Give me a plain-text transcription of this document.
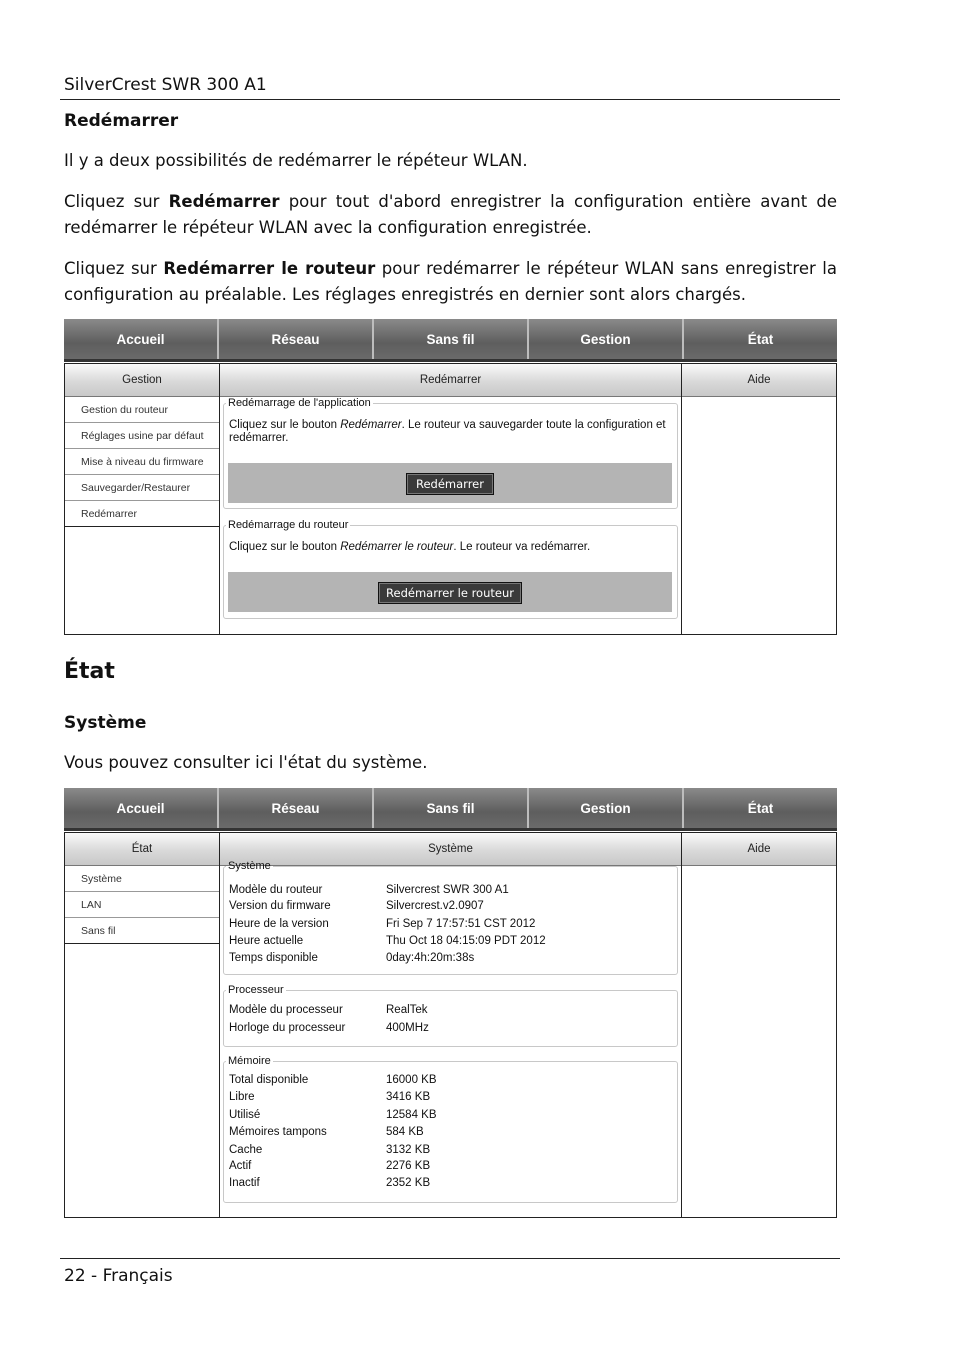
SilverCrest SWR 300 A1
Redémarrer
Il y a deux possibilités de redémarrer le répéteur WLAN.
Cliquez sur Redémarrer pour tout d'abord enregistrer la configuration entière avant de redémarrer le répéteur WLAN avec la configuration enregistrée.
Cliquez sur Redémarrer le routeur pour redémarrer le répéteur WLAN sans enregistrer la configuration au préalable. Les réglages enregistrés en dernier sont alors chargés.
Accueil	Réseau	Sans fil	Gestion	État
Gestion
Gestion du routeur
Réglages usine par défaut
Mise à niveau du firmware
Sauvegarder/Restaurer
Redémarrer
Redémarrer
Redémarrage de l'application
Cliquez sur le bouton Redémarrer. Le routeur va sauvegarder toute la configuration et redémarrer.
Redémarrer
Redémarrage du routeur
Cliquez sur le bouton Redémarrer le routeur. Le routeur va redémarrer.
Redémarrer le routeur
Aide
État
Système
Vous pouvez consulter ici l'état du système.
Accueil	Réseau	Sans fil	Gestion	État
État
Système
LAN
Sans fil
Système
Système
Modèle du routeur	Silvercrest SWR 300 A1
Version du firmware	Silvercrest.v2.0907
Heure de la version	Fri Sep 7 17:57:51 CST 2012
Heure actuelle	Thu Oct 18 04:15:09 PDT 2012
Temps disponible	0day:4h:20m:38s
Processeur
Modèle du processeur	RealTek
Horloge du processeur	400MHz
Mémoire
Total disponible	16000 KB
Libre	3416 KB
Utilisé	12584 KB
Mémoires tampons	584 KB
Cache	3132 KB
Actif	2276 KB
Inactif	2352 KB
Aide
22 - Français
